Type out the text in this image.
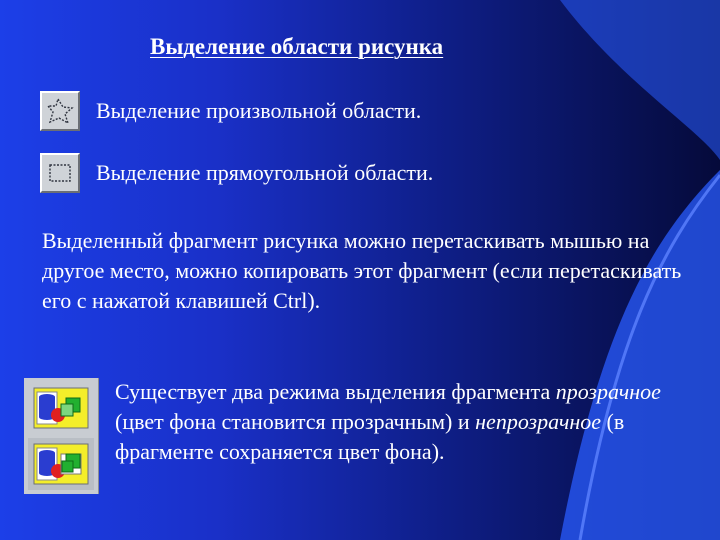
Выделение области рисунка
Выделение произвольной области.
Выделение прямоугольной области.

Выделенный фрагмент рисунка можно перетаскивать мышью на другое место, можно копировать этот фрагмент (если перетаскивать его с нажатой клавишей Ctrl).

Существует два режима выделения фрагмента прозрачное (цвет фона становится прозрачным) и непрозрачное (в фрагменте сохраняется цвет фона).
